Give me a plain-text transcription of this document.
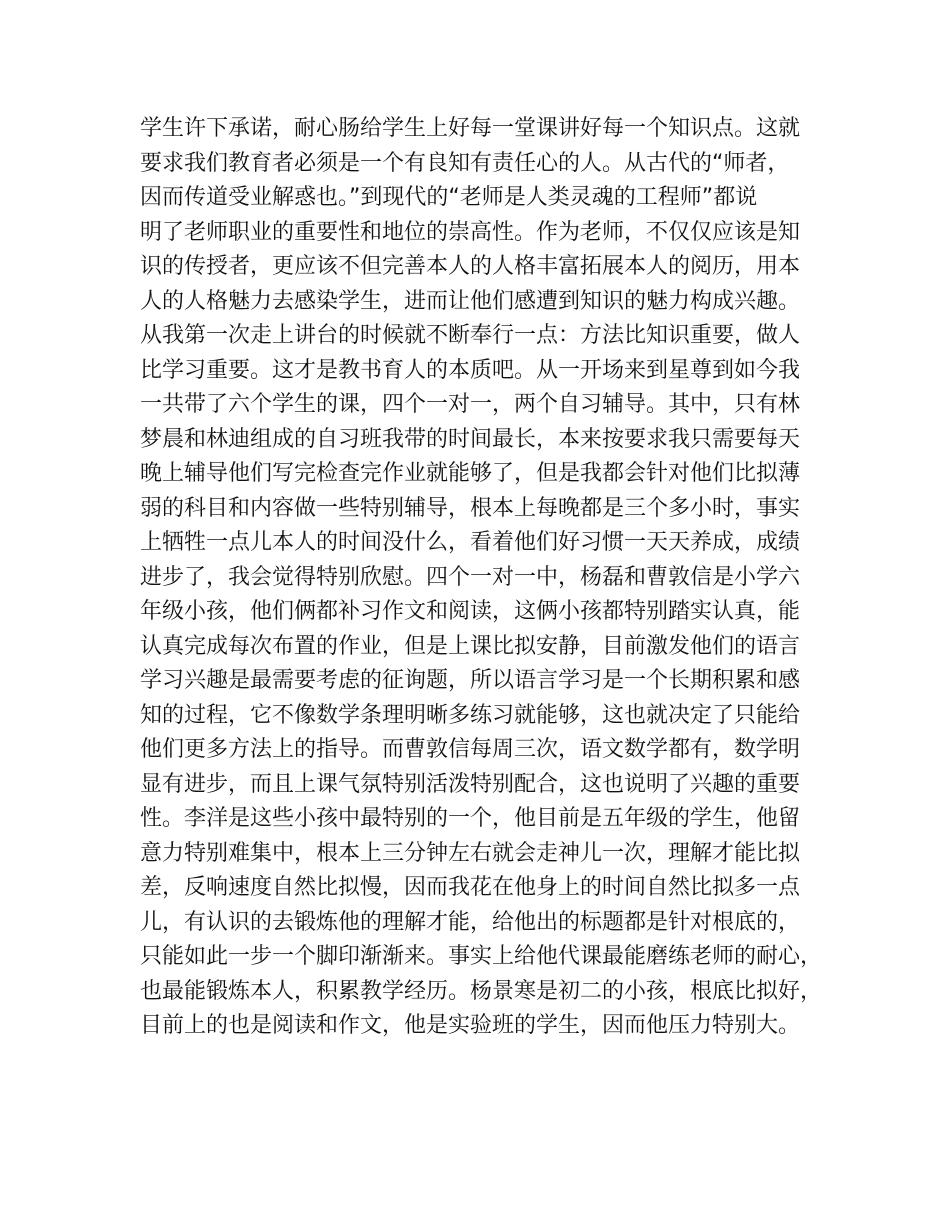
学生许下承诺，耐心肠给学生上好每一堂课讲好每一个知识点。这就
要求我们教育者必须是一个有良知有责任心的人。从古代的“师者，
因而传道受业解惑也。”到现代的“老师是人类灵魂的工程师”都说
明了老师职业的重要性和地位的崇高性。作为老师，不仅仅应该是知
识的传授者，更应该不但完善本人的人格丰富拓展本人的阅历，用本
人的人格魅力去感染学生，进而让他们感遭到知识的魅力构成兴趣。
从我第一次走上讲台的时候就不断奉行一点：方法比知识重要，做人
比学习重要。这才是教书育人的本质吧。从一开场来到星尊到如今我
一共带了六个学生的课，四个一对一，两个自习辅导。其中，只有林
梦晨和林迪组成的自习班我带的时间最长，本来按要求我只需要每天
晚上辅导他们写完检查完作业就能够了，但是我都会针对他们比拟薄
弱的科目和内容做一些特别辅导，根本上每晚都是三个多小时，事实
上牺牲一点儿本人的时间没什么，看着他们好习惯一天天养成，成绩
进步了，我会觉得特别欣慰。四个一对一中，杨磊和曹敦信是小学六
年级小孩，他们俩都补习作文和阅读，这俩小孩都特别踏实认真，能
认真完成每次布置的作业，但是上课比拟安静，目前激发他们的语言
学习兴趣是最需要考虑的征询题，所以语言学习是一个长期积累和感
知的过程，它不像数学条理明晰多练习就能够，这也就决定了只能给
他们更多方法上的指导。而曹敦信每周三次，语文数学都有，数学明
显有进步，而且上课气氛特别活泼特别配合，这也说明了兴趣的重要
性。李洋是这些小孩中最特别的一个，他目前是五年级的学生，他留
意力特别难集中，根本上三分钟左右就会走神儿一次，理解才能比拟
差，反响速度自然比拟慢，因而我花在他身上的时间自然比拟多一点
儿，有认识的去锻炼他的理解才能，给他出的标题都是针对根底的，
只能如此一步一个脚印渐渐来。事实上给他代课最能磨练老师的耐心，
也最能锻炼本人，积累教学经历。杨景寒是初二的小孩，根底比拟好，
目前上的也是阅读和作文，他是实验班的学生，因而他压力特别大。
